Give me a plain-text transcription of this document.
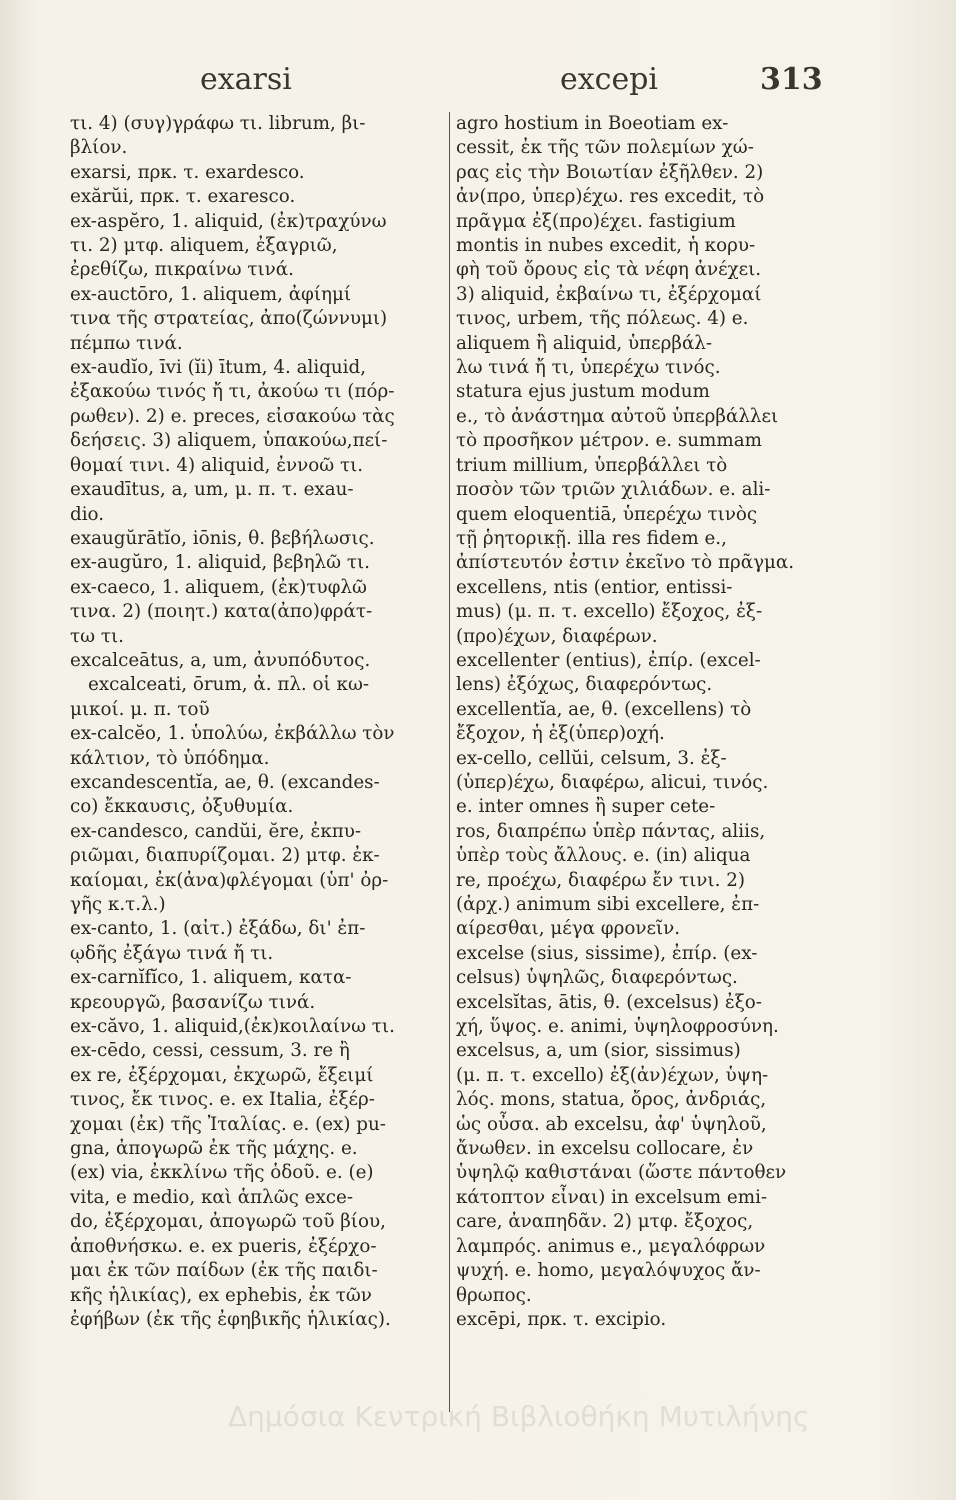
exarsi	excepi	313
τι. 4) (συγ)γράφω τι. librum, βι-
βλίον.
exarsi, πρκ. τ. exardesco.
exărŭi, πρκ. τ. exaresco.
ex-aspĕro, 1. aliquid, (ἐκ)τραχύνω
τι. 2) μτφ. aliquem, ἐξαγριῶ,
ἐρεθίζω, πικραίνω τινά.
ex-auctōro, 1. aliquem, ἀφίημί
τινα τῆς στρατείας, ἀπο(ζώννυμι)
πέμπω τινά.
ex-audĭo, īvi (ĭi) ītum, 4. aliquid,
ἐξακούω τινός ἤ τι, ἀκούω τι (πόρ-
ρωθεν). 2) e. preces, εἰσακούω τὰς
δεήσεις. 3) aliquem, ὑπακούω,πεί-
θομαί τινι. 4) aliquid, ἐννοῶ τι.
exaudītus, a, um, μ. π. τ. exau-
dio.
exaugŭrātĭo, iōnis, θ. βεβήλωσις.
ex-augŭro, 1. aliquid, βεβηλῶ τι.
ex-caeco, 1. aliquem, (ἐκ)τυφλῶ
τινα. 2) (ποιητ.) κατα(ἀπο)φράτ-
τω τι.
excalceātus, a, um, ἀνυπόδυτος.
excalceati, ōrum, ἀ. πλ. οἱ κω-
μικοί. μ. π. τοῦ
ex-calcĕo, 1. ὑπολύω, ἐκβάλλω τὸν
κάλτιον, τὸ ὑπόδημα.
excandescentĭa, ae, θ. (excandes-
co) ἔκκαυσις, ὀξυθυμία.
ex-candesco, candŭi, ĕre, ἐκπυ-
ριῶμαι, διαπυρίζομαι. 2) μτφ. ἐκ-
καίομαι, ἐκ(ἀνα)φλέγομαι (ὑπ' ὀρ-
γῆς κ.τ.λ.)
ex-canto, 1. (αἰτ.) ἐξάδω, δι' ἐπ-
ῳδῆς ἐξάγω τινά ἤ τι.
ex-carnĭfĭco, 1. aliquem, κατα-
κρεουργῶ, βασανίζω τινά.
ex-căvo, 1. aliquid,(ἐκ)κοιλαίνω τι.
ex-cēdo, cessi, cessum, 3. re ἢ
ex re, ἐξέρχομαι, ἐκχωρῶ, ἔξειμί
τινος, ἔκ τινος. e. ex Italia, ἐξέρ-
χομαι (ἐκ) τῆς Ἰταλίας. e. (ex) pu-
gna, ἀπογωρῶ ἐκ τῆς μάχης. e.
(ex) via, ἐκκλίνω τῆς ὁδοῦ. e. (e)
vita, e medio, καὶ ἁπλῶς exce-
do, ἐξέρχομαι, ἀπογωρῶ τοῦ βίου,
ἀποθνήσκω. e. ex pueris, ἐξέρχο-
μαι ἐκ τῶν παίδων (ἐκ τῆς παιδι-
κῆς ἡλικίας), ex ephebis, ἐκ τῶν
ἐφήβων (ἐκ τῆς ἐφηβικῆς ἡλικίας).
agro hostium in Boeotiam ex-
cessit, ἐκ τῆς τῶν πολεμίων χώ-
ρας εἰς τὴν Βοιωτίαν ἐξῆλθεν. 2)
ἀν(προ, ὑπερ)έχω. res excedit, τὸ
πρᾶγμα ἐξ(προ)έχει. fastigium
montis in nubes excedit, ἡ κορυ-
φὴ τοῦ ὄρους εἰς τὰ νέφη ἀνέχει.
3) aliquid, ἐκβαίνω τι, ἐξέρχομαί
τινος, urbem, τῆς πόλεως. 4) e.
aliquem ἢ aliquid, ὑπερβάλ-
λω τινά ἤ τι, ὑπερέχω τινός.
statura ejus justum modum
e., τὸ ἀνάστημα αὐτοῦ ὑπερβάλλει
τὸ προσῆκον μέτρον. e. summam
trium millium, ὑπερβάλλει τὸ
ποσὸν τῶν τριῶν χιλιάδων. e. ali-
quem eloquentiā, ὑπερέχω τινὸς
τῇ ῥητορικῇ. illa res fidem e.,
ἀπίστευτόν ἐστιν ἐκεῖνο τὸ πρᾶγμα.
excellens, ntis (entior, entissi-
mus) (μ. π. τ. excello) ἔξοχος, ἐξ-
(προ)έχων, διαφέρων.
excellenter (entius), ἐπίρ. (excel-
lens) ἐξόχως, διαφερόντως.
excellentĭa, ae, θ. (excellens) τὸ
ἔξοχον, ἡ ἐξ(ὑπερ)οχή.
ex-cello, cellŭi, celsum, 3. ἐξ-
(ὑπερ)έχω, διαφέρω, alicui, τινός.
e. inter omnes ἢ super cete-
ros, διαπρέπω ὑπὲρ πάντας, aliis,
ὑπὲρ τοὺς ἄλλους. e. (in) aliqua
re, προέχω, διαφέρω ἔν τινι. 2)
(ἀρχ.) animum sibi excellere, ἐπ-
αίρεσθαι, μέγα φρονεῖν.
excelse (sius, sissime), ἐπίρ. (ex-
celsus) ὑψηλῶς, διαφερόντως.
excelsĭtas, ātis, θ. (excelsus) ἐξο-
χή, ὕψος. e. animi, ὑψηλοφροσύνη.
excelsus, a, um (sior, sissimus)
(μ. π. τ. excello) ἐξ(ἀν)έχων, ὑψη-
λός. mons, statua, ὄρος, ἀνδριάς,
ὡς οὖσα. ab excelsu, ἀφ' ὑψηλοῦ,
ἄνωθεν. in excelsu collocare, ἐν
ὑψηλῷ καθιστάναι (ὥστε πάντοθεν
κάτοπτον εἶναι) in excelsum emi-
care, ἀναπηδᾶν. 2) μτφ. ἔξοχος,
λαμπρός. animus e., μεγαλόφρων
ψυχή. e. homo, μεγαλόψυχος ἄν-
θρωπος.
excēpi, πρκ. τ. excipio.
Δημόσια Κεντρική Βιβλιοθήκη Μυτιλήνης
